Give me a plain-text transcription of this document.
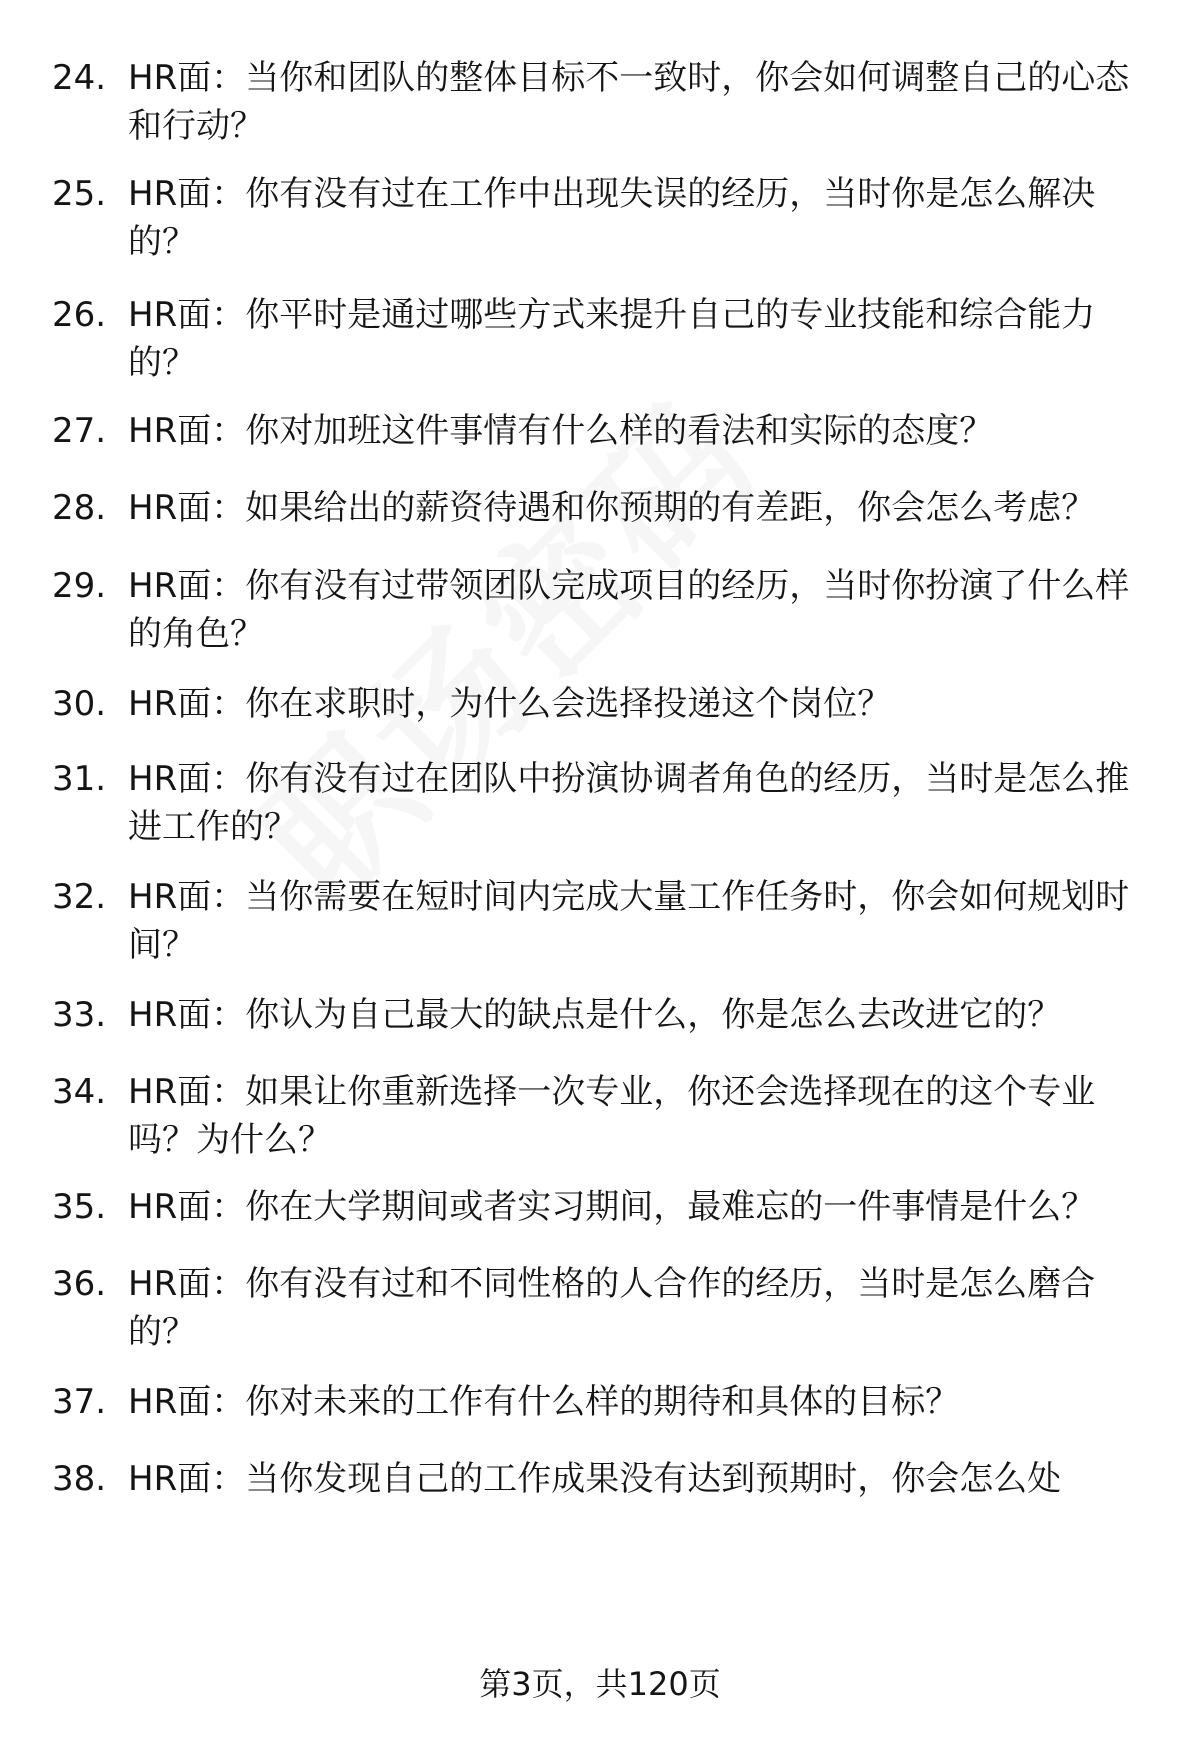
24. HR面：当你和团队的整体目标不一致时，你会如何调整自己的心态和行动？
25. HR面：你有没有过在工作中出现失误的经历，当时你是怎么解决的？
26. HR面：你平时是通过哪些方式来提升自己的专业技能和综合能力的？
27. HR面：你对加班这件事情有什么样的看法和实际的态度？
28. HR面：如果给出的薪资待遇和你预期的有差距，你会怎么考虑？
29. HR面：你有没有过带领团队完成项目的经历，当时你扮演了什么样的角色？
30. HR面：你在求职时，为什么会选择投递这个岗位？
31. HR面：你有没有过在团队中扮演协调者角色的经历，当时是怎么推进工作的？
32. HR面：当你需要在短时间内完成大量工作任务时，你会如何规划时间？
33. HR面：你认为自己最大的缺点是什么，你是怎么去改进它的？
34. HR面：如果让你重新选择一次专业，你还会选择现在的这个专业吗？为什么？
35. HR面：你在大学期间或者实习期间，最难忘的一件事情是什么？
36. HR面：你有没有过和不同性格的人合作的经历，当时是怎么磨合的？
37. HR面：你对未来的工作有什么样的期待和具体的目标？
38. HR面：当你发现自己的工作成果没有达到预期时，你会怎么处
第3页，共120页
